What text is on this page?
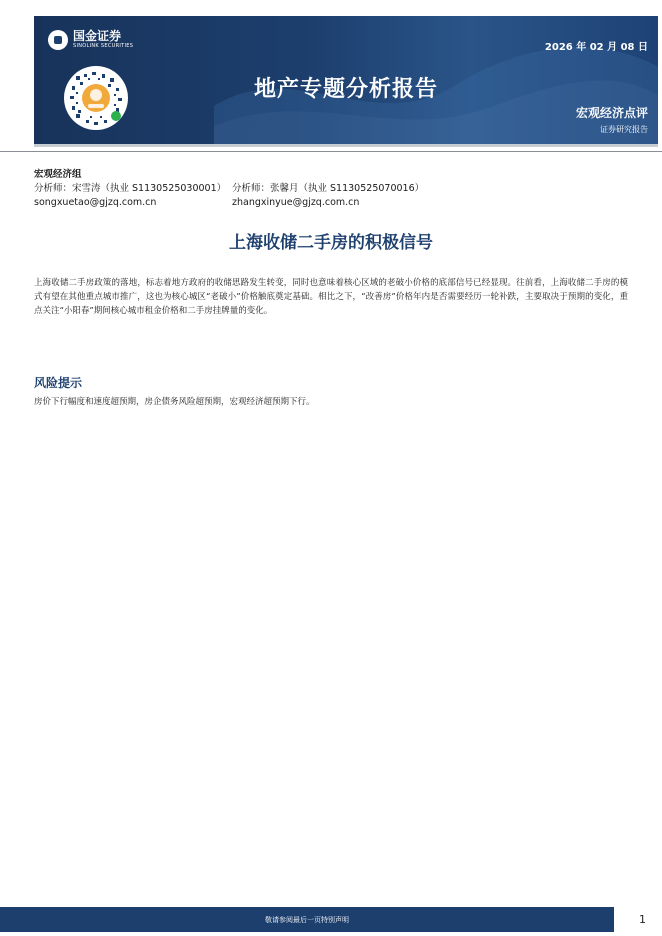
国金证券
SINOLINK SECURITIES	2026 年 02 月 08 日
地产专题分析报告
宏观经济点评
证券研究报告
宏观经济组
分析师：宋雪涛（执业 S1130525030001） 分析师：张馨月（执业 S1130525070016）
songxuetao@gjzq.com.cn	zhangxinyue@gjzq.com.cn
上海收储二手房的积极信号

上海收储二手房政策的落地，标志着地方政府的收储思路发生转变，同时也意味着核心区域的老破小价格的底部信号已经显现。往前看，上海收储二手房的模式有望在其他重点城市推广，这也为核心城区“老破小”价格触底奠定基础。相比之下，“改善房”价格年内是否需要经历一轮补跌，主要取决于预期的变化，重点关注“小阳春”期间核心城市租金价格和二手房挂牌量的变化。

风险提示

房价下行幅度和速度超预期，房企债务风险超预期，宏观经济超预期下行。

敬请参阅最后一页特别声明	1
